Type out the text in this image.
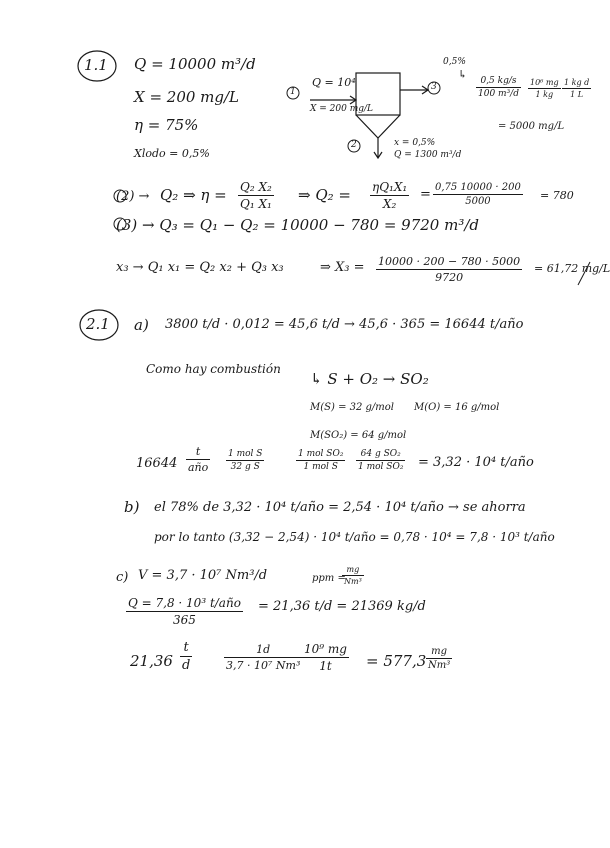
1.1 Q = 10000 m³/d
X = 200 mg/L
η = 75%
Xlodo = 0,5%
Q = 10⁴
X = 200 mg/L
1	3
2	x = 0,5%
Q = 1300 m³/d
0,5%
↳
$\frac{0,5 kg/s}{\text{100 m³/d}} \frac{\text{10⁶ mg}}{1 kg} \frac{\text{1 kg d}}{1 L}$
= 5000 mg/L
(2) → Q₂ ⇒ $\eta = \frac{\text{Q₂ X₂}}{\text{Q₁ X₁}}$ ⇒ $Q_2 = \frac{\text{ηQ₁X₁}}{\text{X₂}} = \frac{0,75 10000 \cdot 200}{5000} = 780$
(3) → Q₃ = Q₁ − Q₂ = 10000 − 780 = 9720 m³/d
x₃ → Q₁ x₁ = Q₂ x₂ + Q₃ x₃	⇒ $X_3 = \frac{10000 \cdot 200 - 780 \cdot 5000}{9720} = 61,72$ mg/L
2.1 a) 3800 t/d · 0,012 = 45,6 t/d → 45,6 · 365 = 16644 t/año
Como hay combustión
↳ S + O₂ → SO₂
M(S) = 32 g/mol M(O) = 16 g/mol
M(SO₂) = 64 g/mol
16644
t
año
1 mol S
32 g S
1 mol SO₂
1 mol S
64 g SO₂
1 mol SO₂ = 3,32 · 10⁴ t/año
b) el 78% de 3,32 · 10⁴ t/año = 2,54 · 10⁴ t/año → se ahorra
por lo tanto (3,32 − 2,54) · 10⁴ t/año = 0,78 · 10⁴ = 7,8 · 10³ t/año
c) V = 3,7 · 10⁷ Nm³/d	ppm =
$\frac{mg}{\text{Nm³}}$
Q = 7,8 · 10³ t/año
365
= 21,36 t/d = 21369 kg/d
$21,36 \frac{t}{d}$	$\frac{1d}{\text{3,7 · 10⁷ Nm³}} \frac{\text{10⁹ mg}}{1t} = 577,3 \frac{mg}{\text{Nm³}}$
